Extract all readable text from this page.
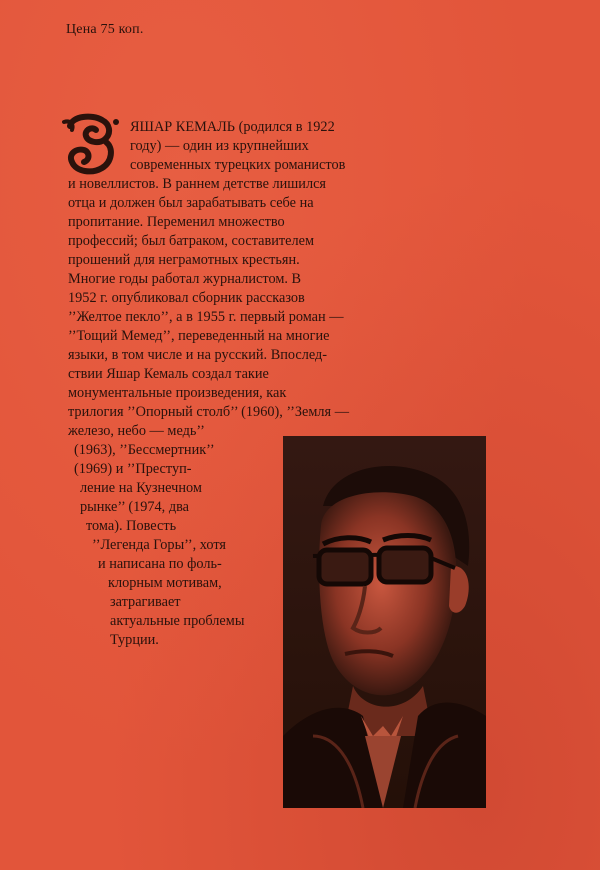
Цена 75 коп.
ЯШАР КЕМАЛЬ (родился в 1922
году) — один из крупнейших
современных турецких романистов
и новеллистов. В раннем детстве лишился
отца и должен был зарабатывать себе на
пропитание. Переменил множество
профессий; был батраком, составителем
прошений для неграмотных крестьян.
Многие годы работал журналистом. В
1952 г. опубликовал сборник рассказов
’’Желтое пекло’’, а в 1955 г. первый роман —
’’Тощий Мемед’’, переведенный на многие
языки, в том числе и на русский. Впослед-
ствии Яшар Кемаль создал такие
монументальные произведения, как
трилогия ’’Опорный столб’’ (1960), ’’Земля —
железо, небо — медь’’
(1963), ’’Бессмертник’’
(1969) и ’’Преступ-
ление на Кузнечном
рынке’’ (1974, два
тома). Повесть
’’Легенда Горы’’, хотя
и написана по фоль-
клорным мотивам,
затрагивает
актуальные проблемы
Турции.
